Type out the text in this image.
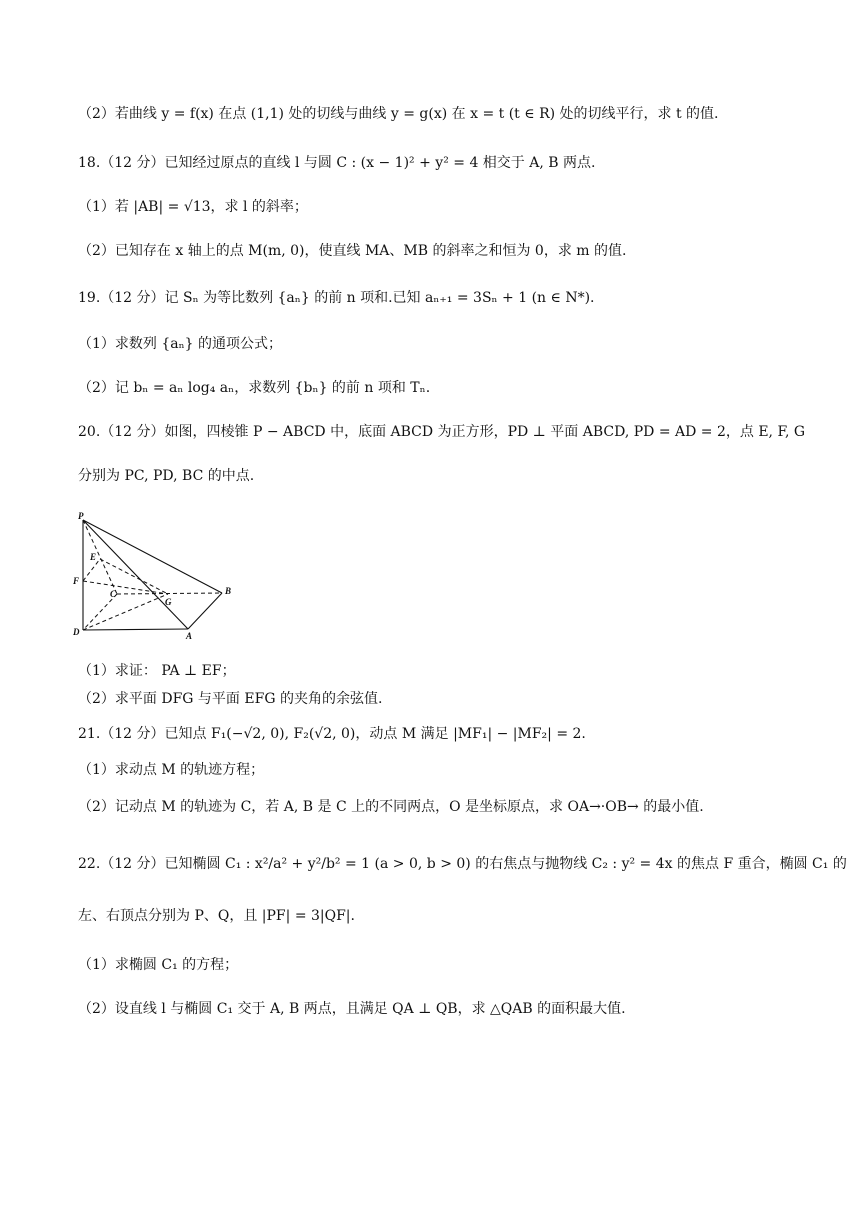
（2）若曲线 y = f(x) 在点 (1,1) 处的切线与曲线 y = g(x) 在 x = t (t ∈ R) 处的切线平行，求 t 的值.
18.（12 分）已知经过原点的直线 l 与圆 C : (x − 1)² + y² = 4 相交于 A, B 两点.
（1）若 |AB| = √13，求 l 的斜率；
（2）已知存在 x 轴上的点 M(m, 0)，使直线 MA、MB 的斜率之和恒为 0，求 m 的值.
19.（12 分）记 Sₙ 为等比数列 {aₙ} 的前 n 项和.已知 aₙ₊₁ = 3Sₙ + 1 (n ∈ N*).
（1）求数列 {aₙ} 的通项公式；
（2）记 bₙ = aₙ log₄ aₙ，求数列 {bₙ} 的前 n 项和 Tₙ.
20.（12 分）如图，四棱锥 P − ABCD 中，底面 ABCD 为正方形，PD ⊥ 平面 ABCD, PD = AD = 2，点 E, F, G
分别为 PC, PD, BC 的中点.
P
E
F
C
G
B
D	A
（1）求证： PA ⊥ EF；
（2）求平面 DFG 与平面 EFG 的夹角的余弦值.
21.（12 分）已知点 F₁(−√2, 0), F₂(√2, 0)，动点 M 满足 |MF₁| − |MF₂| = 2.
（1）求动点 M 的轨迹方程；
（2）记动点 M 的轨迹为 C，若 A, B 是 C 上的不同两点，O 是坐标原点，求 OA→·OB→ 的最小值.
22.（12 分）已知椭圆 C₁ : x²/a² + y²/b² = 1 (a > 0, b > 0) 的右焦点与抛物线 C₂ : y² = 4x 的焦点 F 重合，椭圆 C₁ 的
左、右顶点分别为 P、Q，且 |PF| = 3|QF|.
（1）求椭圆 C₁ 的方程；
（2）设直线 l 与椭圆 C₁ 交于 A, B 两点，且满足 QA ⊥ QB，求 △QAB 的面积最大值.
